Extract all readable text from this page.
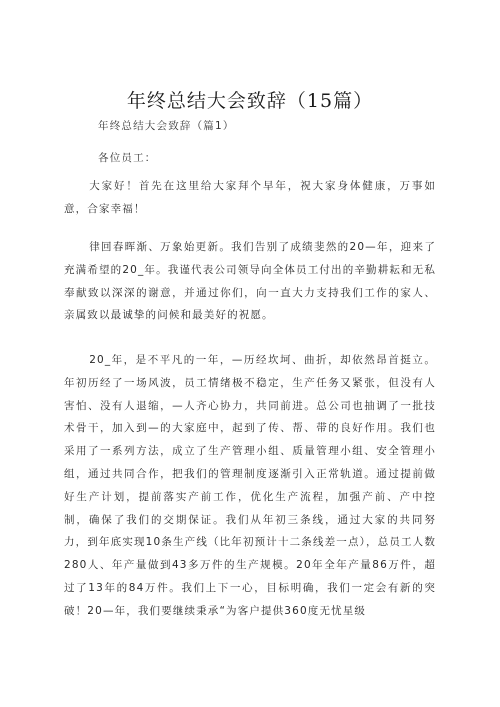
年终总结大会致辞（15篇）
年终总结大会致辞（篇1）
各位员工：
大家好！首先在这里给大家拜个早年，祝大家身体健康，万事如意，合家幸福！
律回春晖渐、万象始更新。我们告别了成绩斐然的20—年，迎来了充满希望的20_年。我谨代表公司领导向全体员工付出的辛勤耕耘和无私奉献致以深深的谢意，并通过你们，向一直大力支持我们工作的家人、亲属致以最诚挚的问候和最美好的祝愿。
20_年，是不平凡的一年，—历经坎坷、曲折，却依然昂首挺立。年初历经了一场风波，员工情绪极不稳定，生产任务又紧张，但没有人害怕、没有人退缩，—人齐心协力，共同前进。总公司也抽调了一批技术骨干，加入到—的大家庭中，起到了传、帮、带的良好作用。我们也采用了一系列方法，成立了生产管理小组、质量管理小组、安全管理小组，通过共同合作，把我们的管理制度逐渐引入正常轨道。通过提前做好生产计划，提前落实产前工作，优化生产流程，加强产前、产中控制，确保了我们的交期保证。我们从年初三条线，通过大家的共同努力，到年底实现10条生产线（比年初预计十二条线差一点），总员工人数280人、年产量做到43多万件的生产规模。20年全年产量86万件，超过了13年的84万件。我们上下一心，目标明确，我们一定会有新的突破！20—年，我们要继续秉承“为客户提供360度无忧星级
